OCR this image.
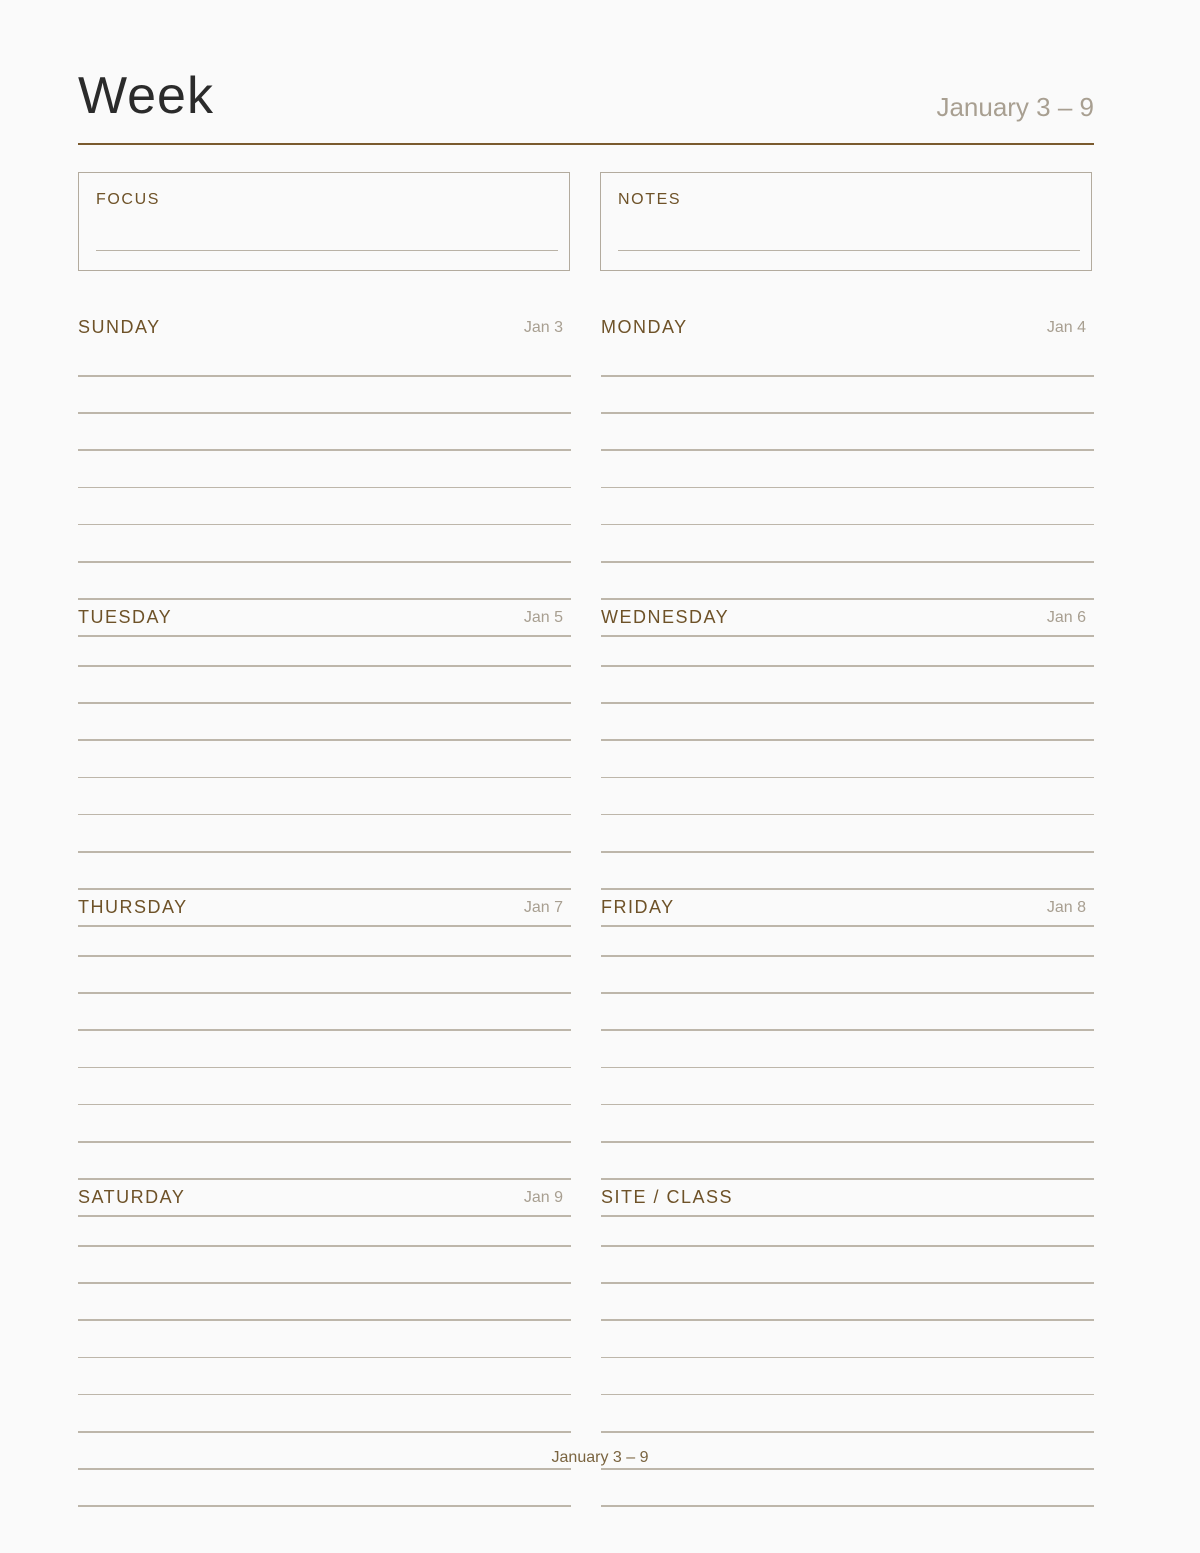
Week	January 3 – 9
FOCUS	NOTES
SUNDAY	Jan 3 MONDAY	Jan 4
TUESDAY	Jan 5 WEDNESDAY	Jan 6
THURSDAY	Jan 7 FRIDAY	Jan 8
SATURDAY	Jan 9 SITE / CLASS
January 3 – 9
